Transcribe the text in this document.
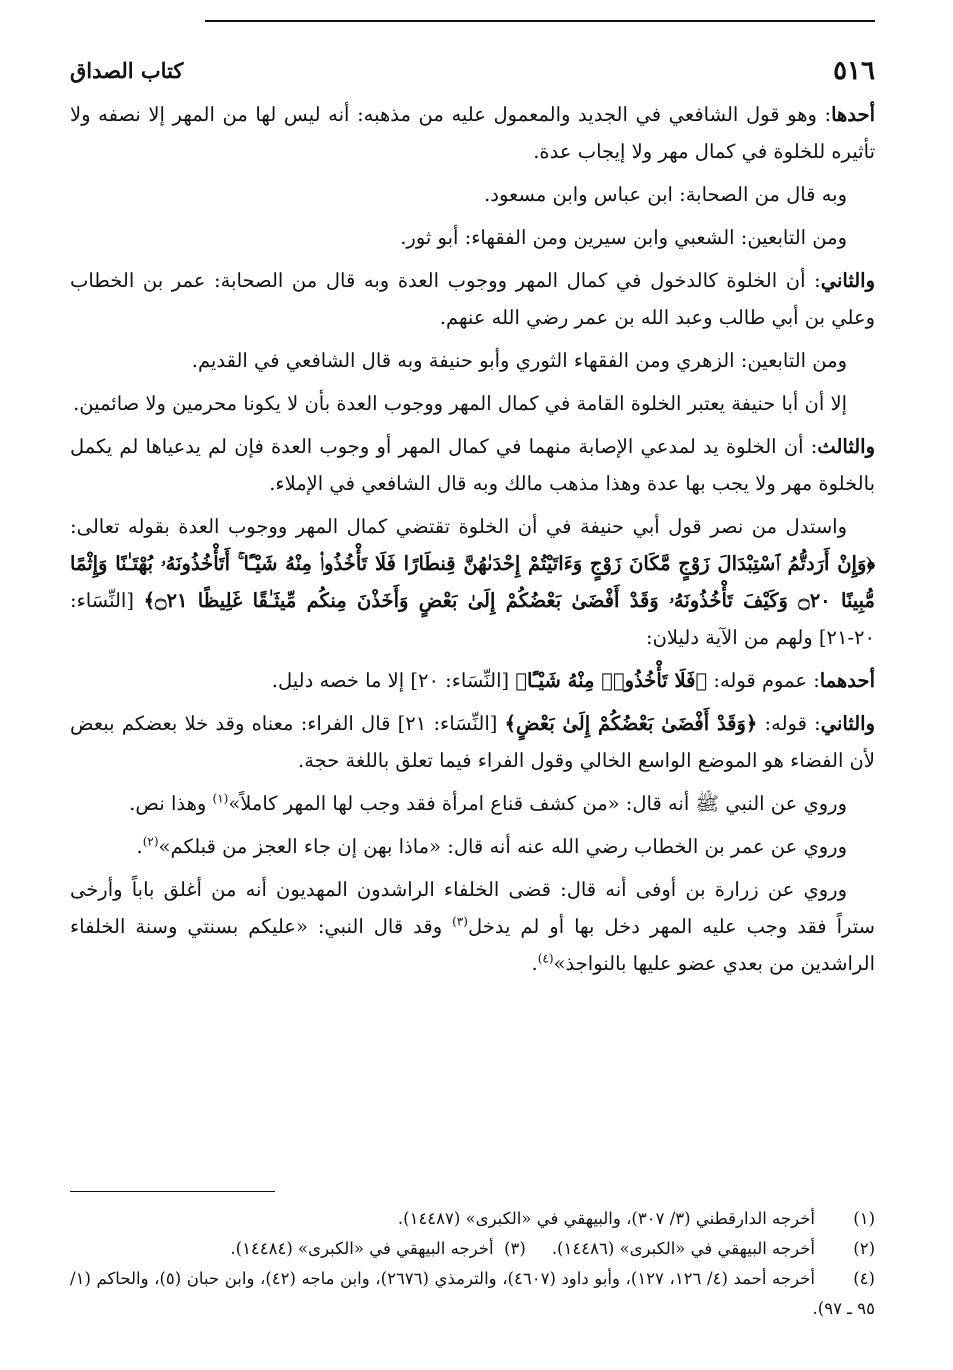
٥١٦
كتاب الصداق

أحدها: وهو قول الشافعي في الجديد والمعمول عليه من مذهبه: أنه ليس لها من المهر إلا نصفه ولا تأثيره للخلوة في كمال مهر ولا إيجاب عدة.

وبه قال من الصحابة: ابن عباس وابن مسعود.

ومن التابعين: الشعبي وابن سيرين ومن الفقهاء: أبو ثور.

والثاني: أن الخلوة كالدخول في كمال المهر ووجوب العدة وبه قال من الصحابة: عمر بن الخطاب وعلي بن أبي طالب وعبد الله بن عمر رضي الله عنهم.

ومن التابعين: الزهري ومن الفقهاء الثوري وأبو حنيفة وبه قال الشافعي في القديم.

إلا أن أبا حنيفة يعتبر الخلوة القامة في كمال المهر ووجوب العدة بأن لا يكونا محرمين ولا صائمين.

والثالث: أن الخلوة يد لمدعي الإصابة منهما في كمال المهر أو وجوب العدة فإن لم يدعياها لم يكمل بالخلوة مهر ولا يجب بها عدة وهذا مذهب مالك وبه قال الشافعي في الإملاء.

واستدل من نصر قول أبي حنيفة في أن الخلوة تقتضي كمال المهر ووجوب العدة بقوله تعالى: ﴿وَإِنْ أَرَدتُّمُ ٱسْتِبْدَالَ زَوْجٍ مَّكَانَ زَوْجٍ وَءَاتَيْتُمْ إِحْدَىٰهُنَّ قِنطَارًا فَلَا تَأْخُذُوا۟ مِنْهُ شَيْـًٔا ۚ أَتَأْخُذُونَهُۥ بُهْتَـٰنًا وَإِثْمًا مُّبِينًا ۝٢٠ وَكَيْفَ تَأْخُذُونَهُۥ وَقَدْ أَفْضَىٰ بَعْضُكُمْ إِلَىٰ بَعْضٍ وَأَخَذْنَ مِنكُم مِّيثَـٰقًا غَلِيظًا ۝٢١﴾ [النِّسَاء: ٢٠-٢١] ولهم من الآية دليلان:

أحدهما: عموم قوله: ﴿فَلَا تَأْخُذُوا۟ مِنْهُ شَيْـًٔا﴾ [النِّسَاء: ٢٠] إلا ما خصه دليل.

والثاني: قوله: ﴿وَقَدْ أَفْضَىٰ بَعْضُكُمْ إِلَىٰ بَعْضٍ﴾ [النِّسَاء: ٢١] قال الفراء: معناه وقد خلا بعضكم ببعض لأن الفضاء هو الموضع الواسع الخالي وقول الفراء فيما تعلق باللغة حجة.

وروي عن النبي ﷺ أنه قال: «من كشف قناع امرأة فقد وجب لها المهر كاملاً»$^{(١)}$ وهذا نص.

وروي عن عمر بن الخطاب رضي الله عنه أنه قال: «ماذا بهن إن جاء العجز من قبلكم»$^{(٢)}$.

وروي عن زرارة بن أوفى أنه قال: قضى الخلفاء الراشدون المهديون أنه من أغلق باباً وأرخى ستراً فقد وجب عليه المهر دخل بها أو لم يدخل$^{(٣)}$ وقد قال النبي: «عليكم بسنتي وسنة الخلفاء الراشدين من بعدي عضو عليها بالنواجذ»$^{(٤)}$.

(١)أخرجه الدارقطني (٣/ ٣٠٧)، والبيهقي في «الكبرى» (١٤٤٨٧).

(٢)أخرجه البيهقي في «الكبرى» (١٤٤٨٦).(٣)  أخرجه البيهقي في «الكبرى» (١٤٤٨٤).

(٤)أخرجه أحمد (٤/ ١٢٦، ١٢٧)، وأبو داود (٤٦٠٧)، والترمذي (٢٦٧٦)، وابن ماجه (٤٢)، وابن حبان (٥)، والحاكم (١/ ٩٥ ـ ٩٧).
